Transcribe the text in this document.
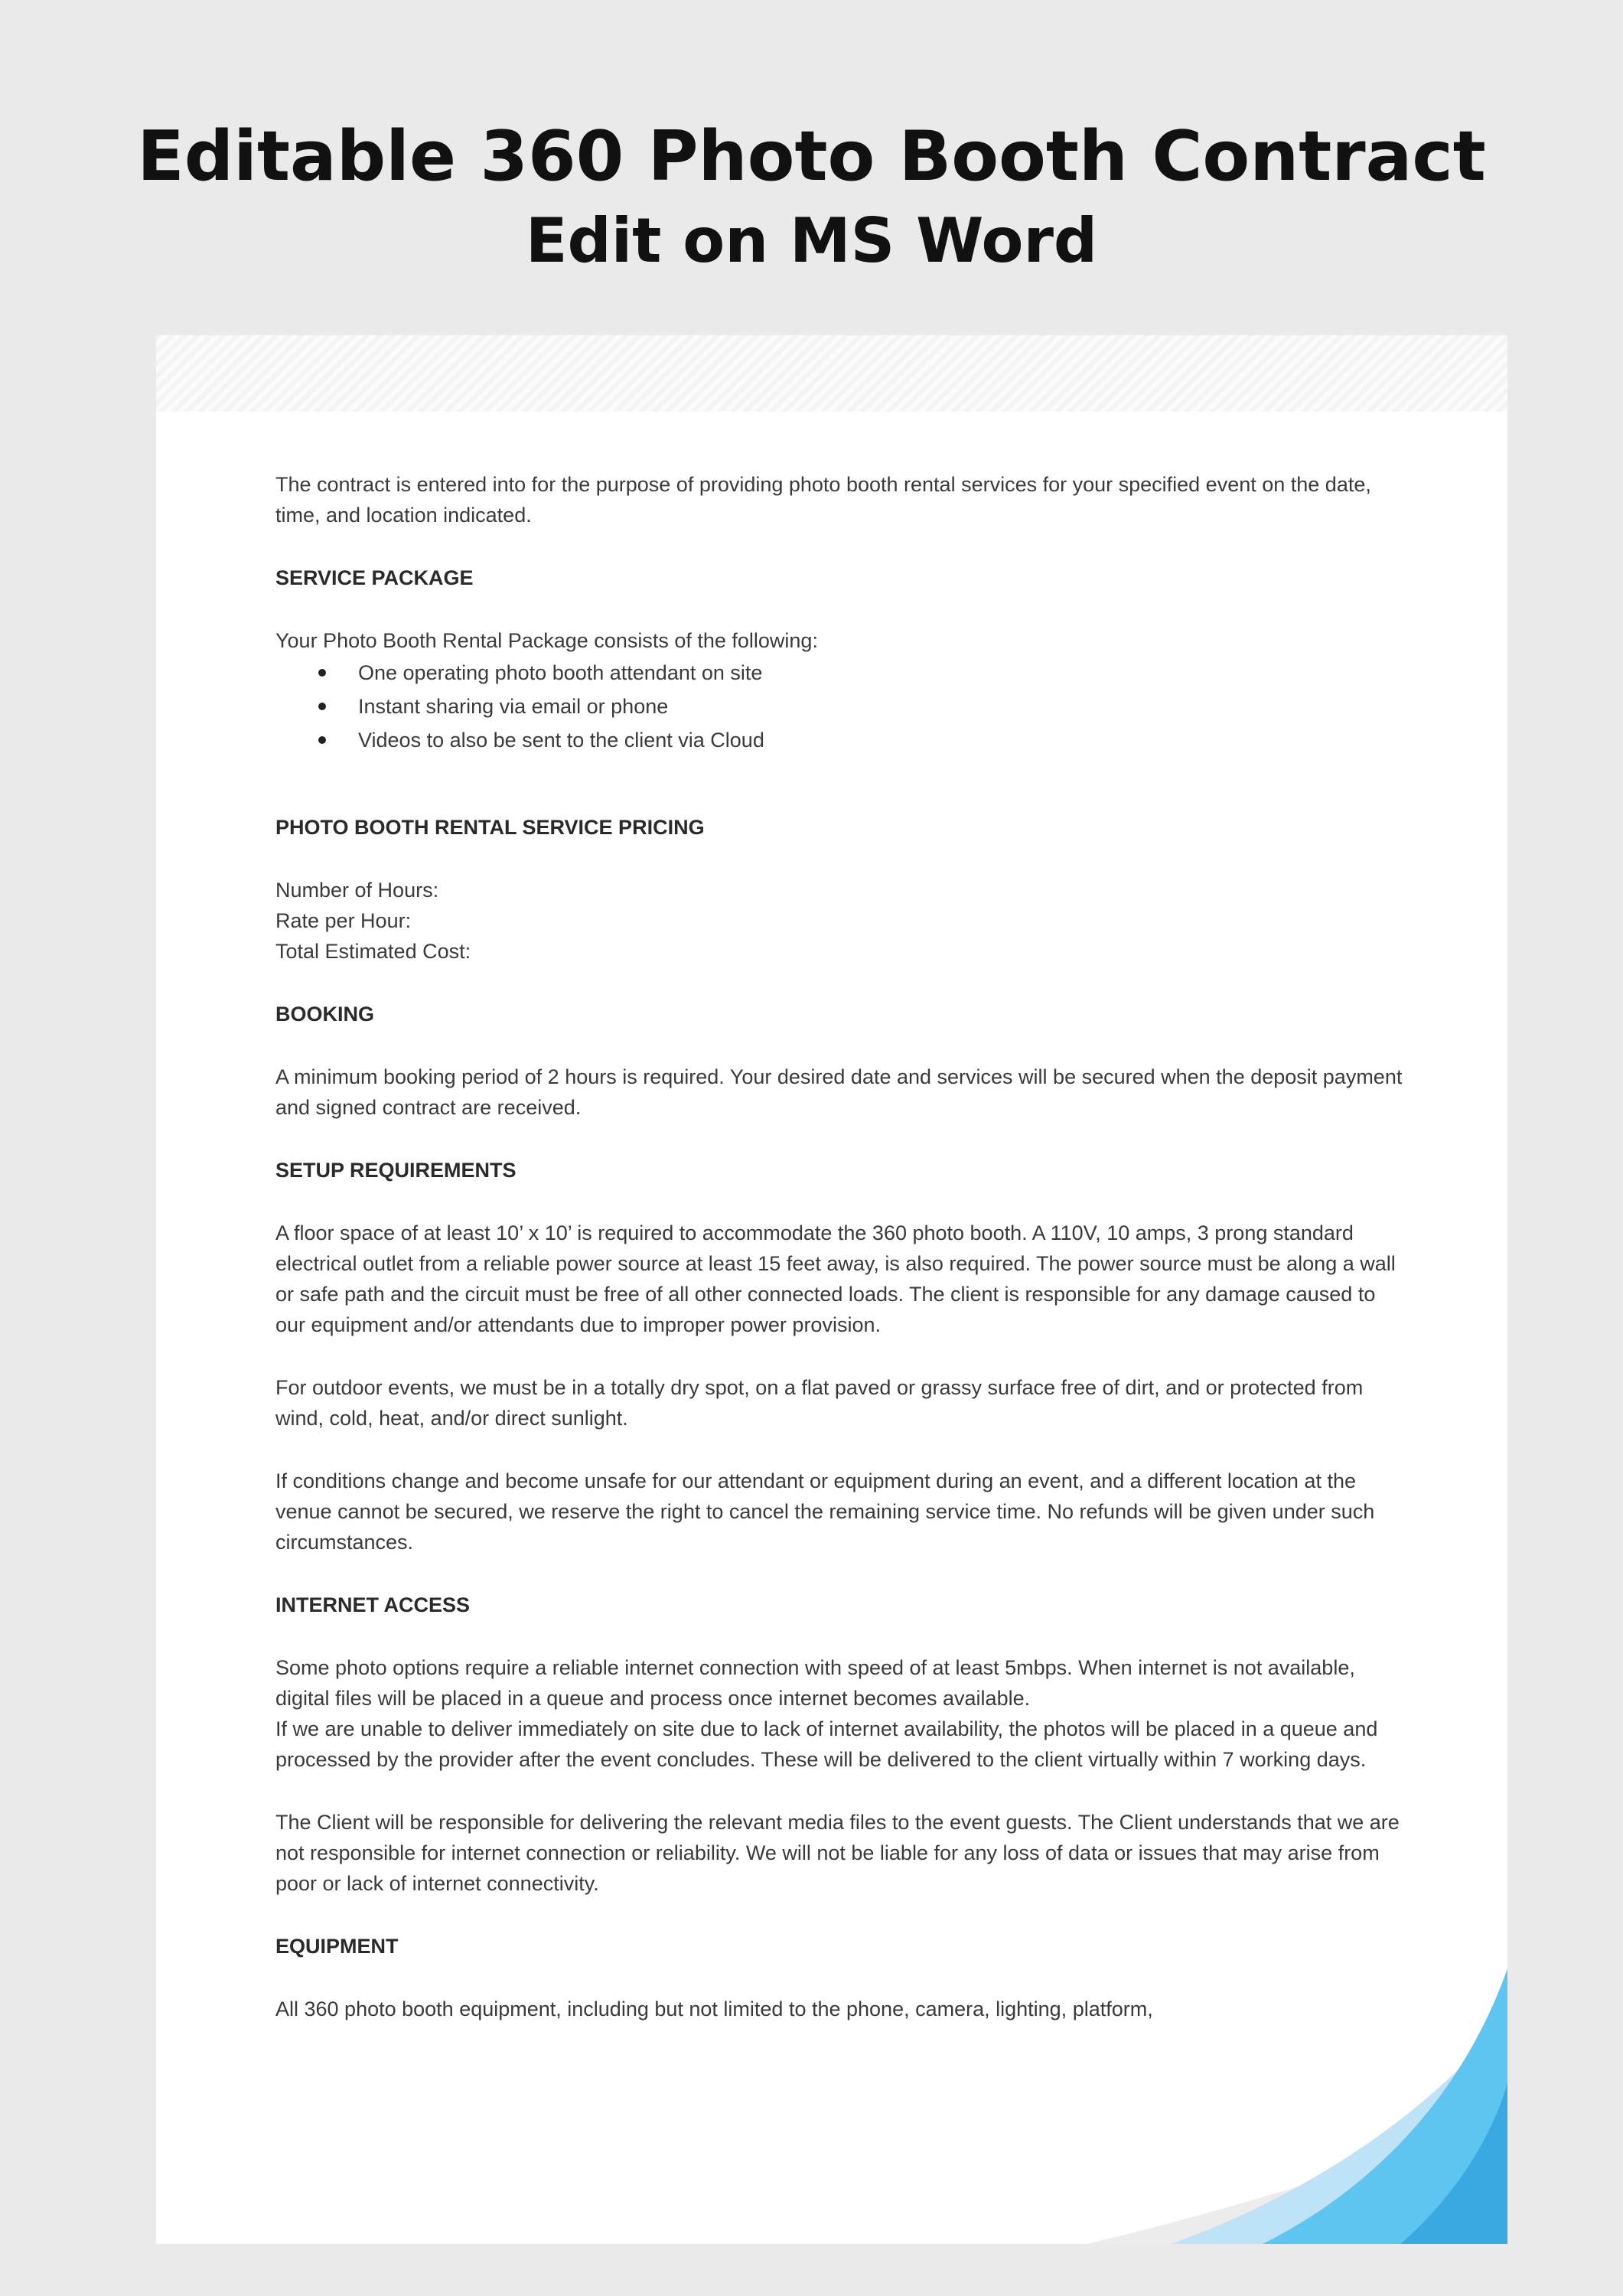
Editable 360 Photo Booth Contract
Edit on MS Word

The contract is entered into for the purpose of providing photo booth rental services for your specified event on the date, time, and location indicated.

SERVICE PACKAGE

Your Photo Booth Rental Package consists of the following:

One operating photo booth attendant on site
Instant sharing via email or phone
Videos to also be sent to the client via Cloud

PHOTO BOOTH RENTAL SERVICE PRICING

Number of Hours:

Rate per Hour:

Total Estimated Cost:

BOOKING

A minimum booking period of 2 hours is required. Your desired date and services will be secured when the deposit payment and signed contract are received.

SETUP REQUIREMENTS

A floor space of at least 10’ x 10’ is required to accommodate the 360 photo booth. A 110V, 10 amps, 3 prong standard electrical outlet from a reliable power source at least 15 feet away, is also required. The power source must be along a wall or safe path and the circuit must be free of all other connected loads. The client is responsible for any damage caused to our equipment and/or attendants due to improper power provision.

For outdoor events, we must be in a totally dry spot, on a flat paved or grassy surface free of dirt, and or protected from wind, cold, heat, and/or direct sunlight.

If conditions change and become unsafe for our attendant or equipment during an event, and a different location at the venue cannot be secured, we reserve the right to cancel the remaining service time. No refunds will be given under such circumstances.

INTERNET ACCESS

Some photo options require a reliable internet connection with speed of at least 5mbps. When internet is not available, digital files will be placed in a queue and process once internet becomes available.

If we are unable to deliver immediately on site due to lack of internet availability, the photos will be placed in a queue and processed by the provider after the event concludes. These will be delivered to the client virtually within 7 working days.

The Client will be responsible for delivering the relevant media files to the event guests. The Client understands that we are not responsible for internet connection or reliability. We will not be liable for any loss of data or issues that may arise from poor or lack of internet connectivity.

EQUIPMENT

All 360 photo booth equipment, including but not limited to the phone, camera, lighting, platform,
